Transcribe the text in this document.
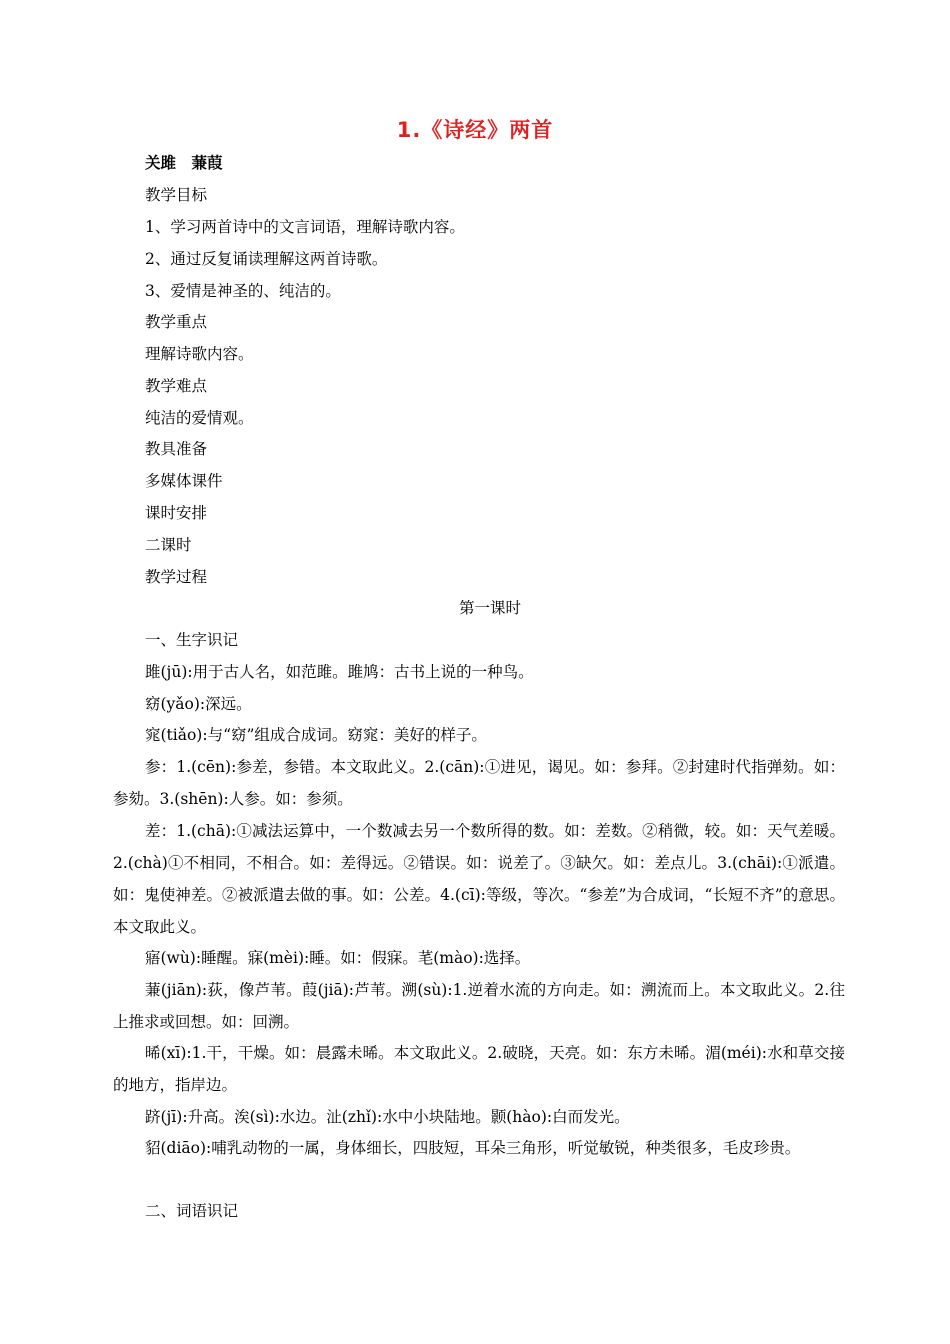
1.《诗经》两首
关雎　蒹葭
教学目标
1、学习两首诗中的文言词语，理解诗歌内容。
2、通过反复诵读理解这两首诗歌。
3、爱情是神圣的、纯洁的。
教学重点
理解诗歌内容。
教学难点
纯洁的爱情观。
教具准备
多媒体课件
课时安排
二课时
教学过程
第一课时
一、生字识记
雎(jū):用于古人名，如范雎。雎鸠：古书上说的一种鸟。
窈(yǎo):深远。
窕(tiǎo):与“窈”组成合成词。窈窕：美好的样子。
参：1.(cēn):参差，参错。本文取此义。2.(cān):①进见，谒见。如：参拜。②封建时代指弹劾。如：参劾。3.(shēn):人参。如：参须。
差：1.(chā):①减法运算中，一个数减去另一个数所得的数。如：差数。②稍微，较。如：天气差暖。2.(chà)①不相同，不相合。如：差得远。②错误。如：说差了。③缺欠。如：差点儿。3.(chāi):①派遣。如：鬼使神差。②被派遣去做的事。如：公差。4.(cī):等级，等次。“参差”为合成词，“长短不齐”的意思。本文取此义。
寤(wù):睡醒。寐(mèi):睡。如：假寐。芼(mào):选择。
蒹(jiān):荻，像芦苇。葭(jiā):芦苇。溯(sù):1.逆着水流的方向走。如：溯流而上。本文取此义。2.往上推求或回想。如：回溯。
晞(xī):1.干，干燥。如：晨露未晞。本文取此义。2.破晓，天亮。如：东方未晞。湄(méi):水和草交接的地方，指岸边。
跻(jī):升高。涘(sì):水边。沚(zhǐ):水中小块陆地。颢(hào):白而发光。
貂(diāo):哺乳动物的一属，身体细长，四肢短，耳朵三角形，听觉敏锐，种类很多，毛皮珍贵。
二、词语识记
